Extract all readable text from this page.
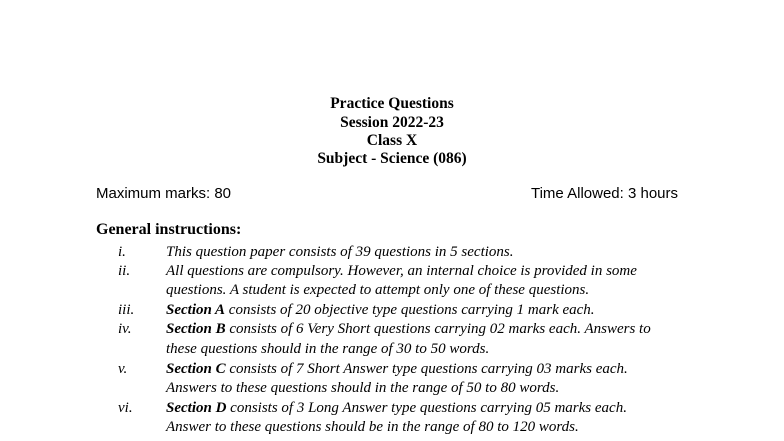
Practice Questions
Session 2022-23
Class X
Subject - Science (086)
Maximum marks: 80	Time Allowed: 3 hours
General instructions:
i.	This question paper consists of 39 questions in 5 sections.
ii. All questions are compulsory. However, an internal choice is provided in some
questions. A student is expected to attempt only one of these questions.
iii. Section A consists of 20 objective type questions carrying 1 mark each.
iv. Section B consists of 6 Very Short questions carrying 02 marks each. Answers to
these questions should in the range of 30 to 50 words.
v.	Section C consists of 7 Short Answer type questions carrying 03 marks each.
Answers to these questions should in the range of 50 to 80 words.
vi. Section D consists of 3 Long Answer type questions carrying 05 marks each.
Answer to these questions should be in the range of 80 to 120 words.
